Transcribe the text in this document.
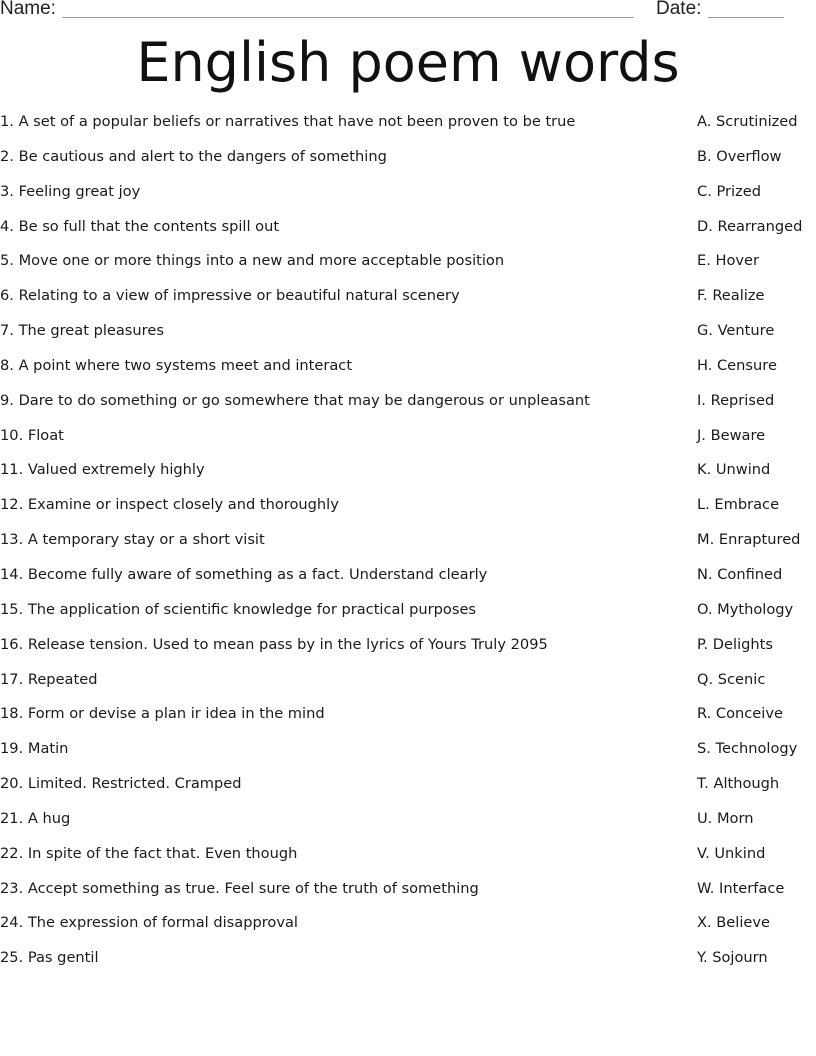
Name:	Date:
English poem words
1. A set of a popular beliefs or narratives that have not been proven to be true
2. Be cautious and alert to the dangers of something
3. Feeling great joy
4. Be so full that the contents spill out
5. Move one or more things into a new and more acceptable position
6. Relating to a view of impressive or beautiful natural scenery
7. The great pleasures
8. A point where two systems meet and interact
9. Dare to do something or go somewhere that may be dangerous or unpleasant
10. Float
11. Valued extremely highly
12. Examine or inspect closely and thoroughly
13. A temporary stay or a short visit
14. Become fully aware of something as a fact. Understand clearly
15. The application of scientific knowledge for practical purposes
16. Release tension. Used to mean pass by in the lyrics of Yours Truly 2095
17. Repeated
18. Form or devise a plan ir idea in the mind
19. Matin
20. Limited. Restricted. Cramped
21. A hug
22. In spite of the fact that. Even though
23. Accept something as true. Feel sure of the truth of something
24. The expression of formal disapproval
25. Pas gentil
A. Scrutinized
B. Overflow
C. Prized
D. Rearranged
E. Hover
F. Realize
G. Venture
H. Censure
I. Reprised
J. Beware
K. Unwind
L. Embrace
M. Enraptured
N. Confined
O. Mythology
P. Delights
Q. Scenic
R. Conceive
S. Technology
T. Although
U. Morn
V. Unkind
W. Interface
X. Believe
Y. Sojourn
